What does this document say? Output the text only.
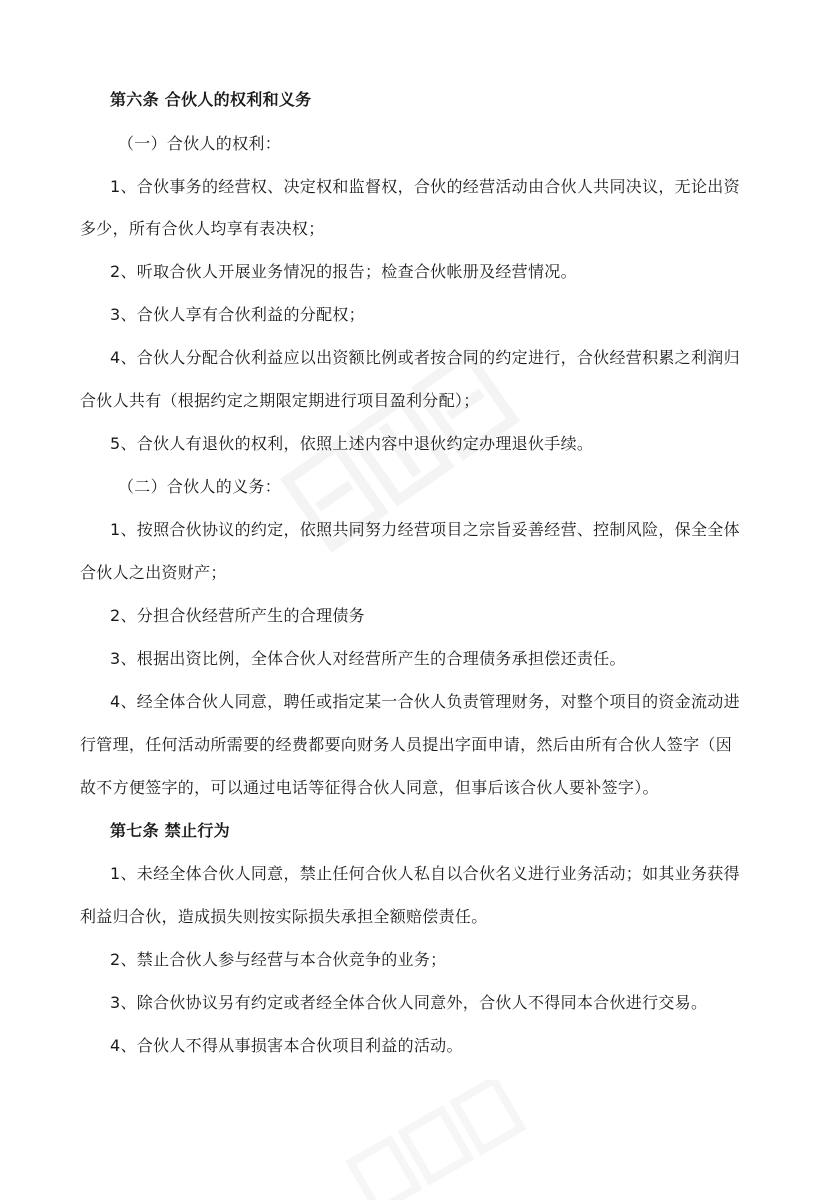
第六条 合伙人的权利和义务
（一）合伙人的权利：
1、合伙事务的经营权、决定权和监督权，合伙的经营活动由合伙人共同决议，无论出资
多少，所有合伙人均享有表决权；
2、听取合伙人开展业务情况的报告；检查合伙帐册及经营情况。
3、合伙人享有合伙利益的分配权；
4、合伙人分配合伙利益应以出资额比例或者按合同的约定进行，合伙经营积累之利润归
合伙人共有（根据约定之期限定期进行项目盈利分配）；
5、合伙人有退伙的权利，依照上述内容中退伙约定办理退伙手续。
（二）合伙人的义务：
1、按照合伙协议的约定，依照共同努力经营项目之宗旨妥善经营、控制风险，保全全体
合伙人之出资财产；
2、分担合伙经营所产生的合理债务
3、根据出资比例，全体合伙人对经营所产生的合理债务承担偿还责任。
4、经全体合伙人同意，聘任或指定某一合伙人负责管理财务，对整个项目的资金流动进
行管理，任何活动所需要的经费都要向财务人员提出字面申请，然后由所有合伙人签字（因
故不方便签字的，可以通过电话等征得合伙人同意，但事后该合伙人要补签字）。
第七条 禁止行为
1、未经全体合伙人同意，禁止任何合伙人私自以合伙名义进行业务活动；如其业务获得
利益归合伙，造成损失则按实际损失承担全额赔偿责任。
2、禁止合伙人参与经营与本合伙竞争的业务；
3、除合伙协议另有约定或者经全体合伙人同意外，合伙人不得同本合伙进行交易。
4、合伙人不得从事损害本合伙项目利益的活动。
